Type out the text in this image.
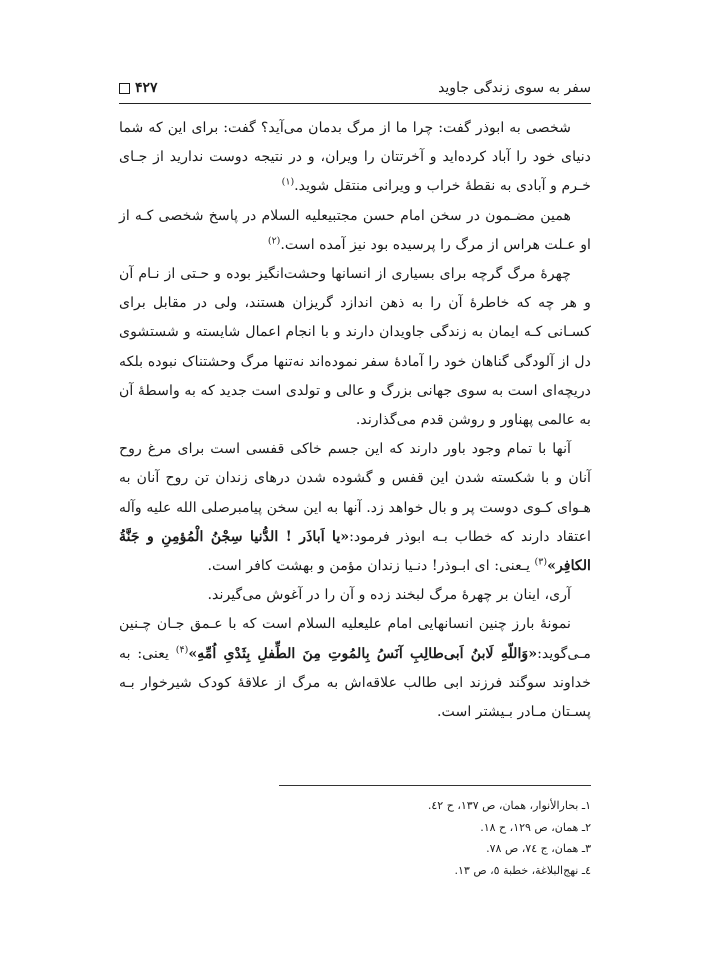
سفر به سوی زندگی جاوید
۴۲۷

شخصی به ابوذر گفت: چرا ما از مرگ بدمان می‌آید؟ گفت: برای این که شما دنیای خود را آباد کرده‌اید و آخرتتان را ویران، و در نتیجه دوست ندارید از جـای خـرم و آبادی به نقطهٔ خراب و ویرانی منتقل شوید.$^{(۱)}$

همین مضـمون در سخن امام حسن مجتبیعليه السلام در پاسخ شخصی کـه از او عـلت هراس از مرگ را پرسیده بود نیز آمده است.$^{(۲)}$

چهرهٔ مرگ گرچه برای بسیاری از انسانها وحشت‌انگیز بوده و حـتی از نـام آن و هر چه که خاطرهٔ آن را به ذهن اندازد گریزان هستند، ولی در مقابل برای کسـانی کـه ایمان به زندگی جاویدان دارند و با انجام اعمال شایسته و شستشوی دل از آلودگی گناهان خود را آمادهٔ سفر نموده‌اند نه‌تنها مرگ وحشتناک نبوده بلکه دریچه‌ای است به سوی جهانی بزرگ و عالی و تولدی است جدید که به واسطهٔ آن به عالمی پهناور و روشن قدم می‌گذارند.

آنها با تمام وجود باور دارند که این جسم خاکی قفسی است برای مرغ روح آنان و با شکسته شدن این قفس و گشوده شدن درهای زندان تن روح آنان به هـوای کـوی دوست پر و بال خواهد زد. آنها به این سخن پیامبرصلى الله عليه وآله اعتقاد دارند که خطاب بـه ابوذر فرمود:«یا اَباذَر ! الدُّنیا سِجْنُ الْمُؤمِنِ و جَنَّةُ الکافِر»$^{(۳)}$ یـعنی: ای ابـوذر! دنـیا زندان مؤمن و بهشت کافر است.

آری، اینان بر چهرهٔ مرگ لبخند زده و آن را در آغوش می‌گیرند.

نمونهٔ بارز چنین انسانهایی امام علیعليه السلام است که با عـمق جـان چـنین مـی‌گوید:«وَاللّهِ لَابنُ اَبی‌طالِبِ آنَسُ بِالمُوتِ مِنَ الطِّفلِ بِثَدْیِ اُمِّهِ»$^{(۴)}$ یعنی: به خداوند سوگند فرزند ابی طالب علاقه‌اش به مرگ از علاقهٔ کودک شیرخوار بـه پسـتان مـادر بـیشتر است.

۱ـ بحارالأنوار، همان، ص ۱۳۷، ح ٤٢.
۲ـ همان، ص ۱۲۹، ح ۱۸.
۳ـ همان، ج ۷٤، ص ۷۸.
٤ـ نهج‌البلاغة، خطبة ٥، ص ۱۳.
